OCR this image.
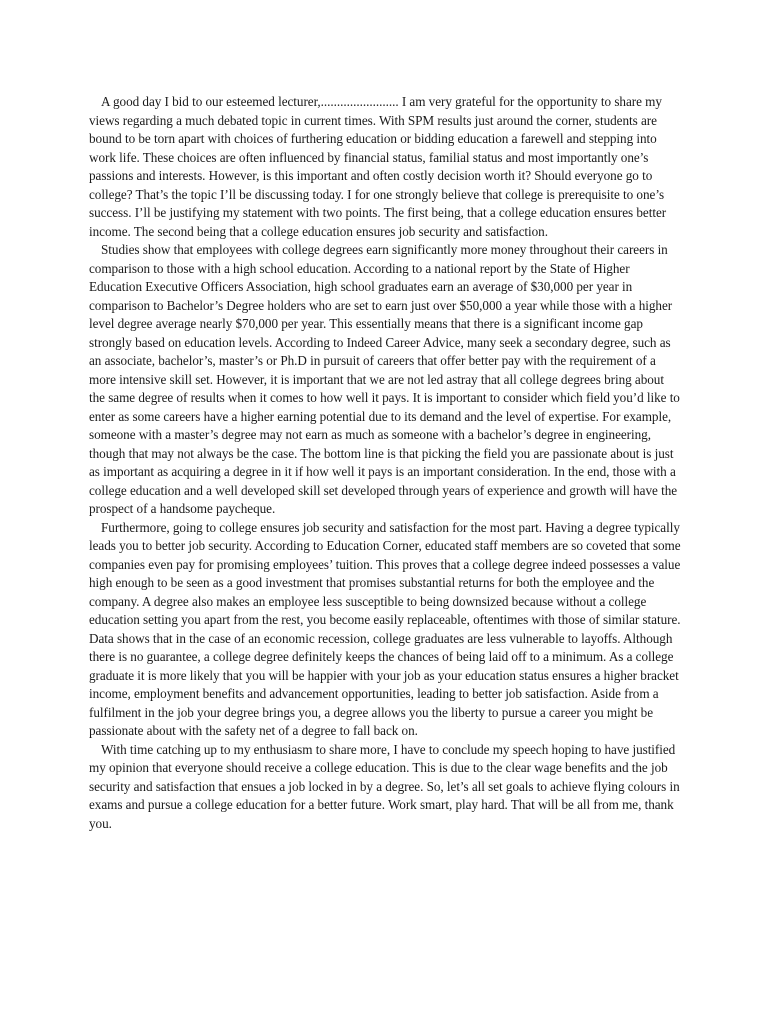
A good day I bid to our esteemed lecturer,........................ I am very grateful for the opportunity to share my views regarding a much debated topic in current times. With SPM results just around the corner, students are bound to be torn apart with choices of furthering education or bidding education a farewell and stepping into work life. These choices are often influenced by financial status, familial status and most importantly one’s passions and interests. However, is this important and often costly decision worth it? Should everyone go to college? That’s the topic I’ll be discussing today. I for one strongly believe that college is prerequisite to one’s success. I’ll be justifying my statement with two points. The first being, that a college education ensures better income. The second being that a college education ensures job security and satisfaction.

Studies show that employees with college degrees earn significantly more money throughout their careers in comparison to those with a high school education. According to a national report by the State of Higher Education Executive Officers Association, high school graduates earn an average of $30,000 per year in comparison to Bachelor’s Degree holders who are set to earn just over $50,000 a year while those with a higher level degree average nearly $70,000 per year. This essentially means that there is a significant income gap strongly based on education levels. According to Indeed Career Advice, many seek a secondary degree, such as an associate, bachelor’s, master’s or Ph.D in pursuit of careers that offer better pay with the requirement of a more intensive skill set. However, it is important that we are not led astray that all college degrees bring about the same degree of results when it comes to how well it pays. It is important to consider which field you’d like to enter as some careers have a higher earning potential due to its demand and the level of expertise. For example, someone with a master’s degree may not earn as much as someone with a bachelor’s degree in engineering, though that may not always be the case. The bottom line is that picking the field you are passionate about is just as important as acquiring a degree in it if how well it pays is an important consideration. In the end, those with a college education and a well developed skill set developed through years of experience and growth will have the prospect of a handsome paycheque.

Furthermore, going to college ensures job security and satisfaction for the most part. Having a degree typically leads you to better job security. According to Education Corner, educated staff members are so coveted that some companies even pay for promising employees’ tuition. This proves that a college degree indeed possesses a value high enough to be seen as a good investment that promises substantial returns for both the employee and the company. A degree also makes an employee less susceptible to being downsized because without a college education setting you apart from the rest, you become easily replaceable, oftentimes with those of similar stature. Data shows that in the case of an economic recession, college graduates are less vulnerable to layoffs. Although there is no guarantee, a college degree definitely keeps the chances of being laid off to a minimum. As a college graduate it is more likely that you will be happier with your job as your education status ensures a higher bracket income, employment benefits and advancement opportunities, leading to better job satisfaction. Aside from a fulfilment in the job your degree brings you, a degree allows you the liberty to pursue a career you might be passionate about with the safety net of a degree to fall back on.

With time catching up to my enthusiasm to share more, I have to conclude my speech hoping to have justified my opinion that everyone should receive a college education. This is due to the clear wage benefits and the job security and satisfaction that ensues a job locked in by a degree. So, let’s all set goals to achieve flying colours in exams and pursue a college education for a better future. Work smart, play hard. That will be all from me, thank you.
